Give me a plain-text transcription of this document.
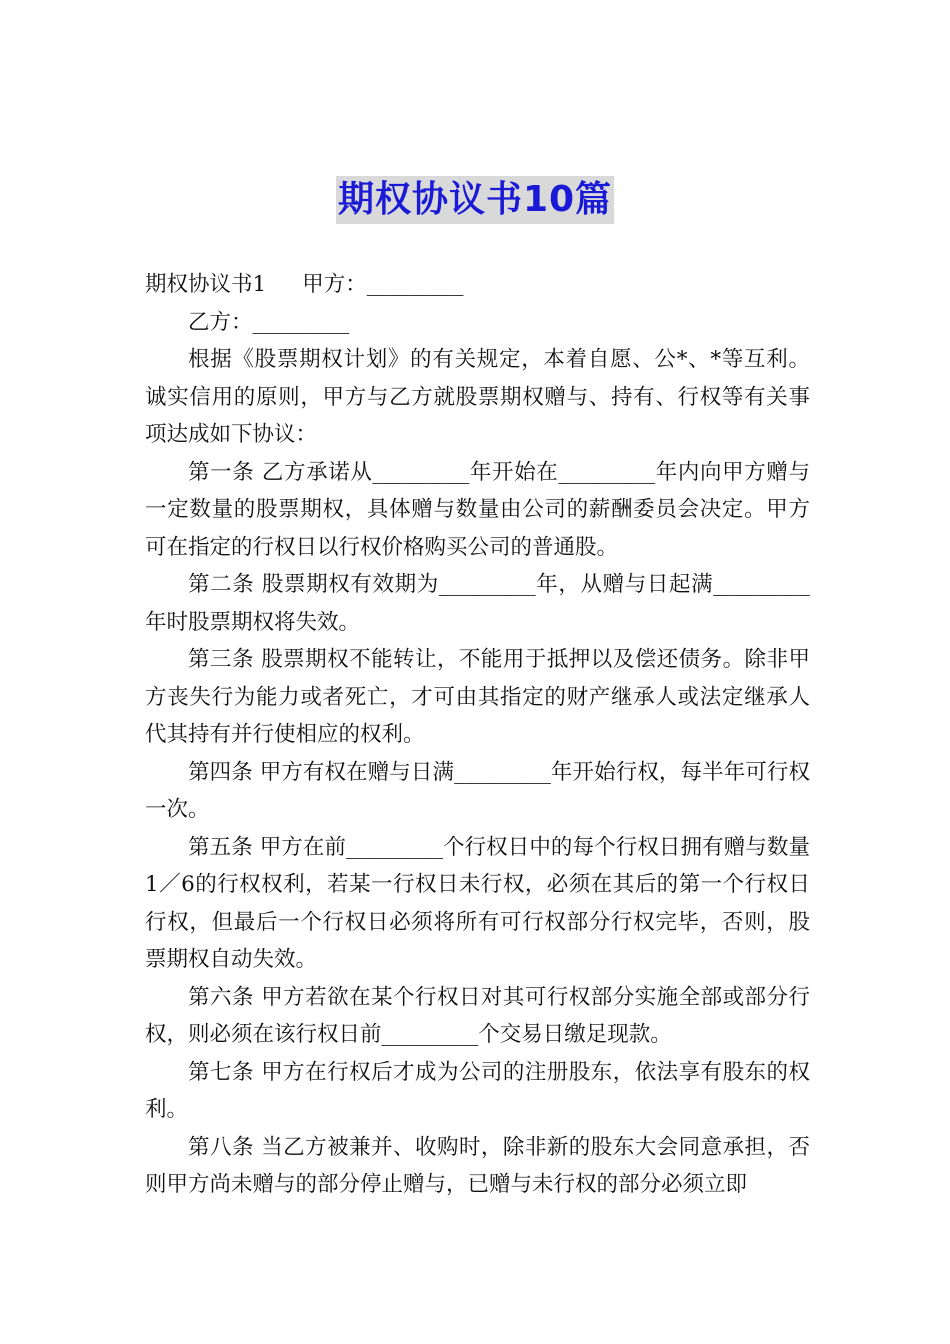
期权协议书10篇

期权协议书1 甲方：_________

乙方：_________

根据《股票期权计划》的有关规定，本着自愿、公*、*等互利。诚实信用的原则，甲方与乙方就股票期权赠与、持有、行权等有关事项达成如下协议：

第一条 乙方承诺从_________年开始在_________年内向甲方赠与一定数量的股票期权，具体赠与数量由公司的薪酬委员会决定。甲方可在指定的行权日以行权价格购买公司的普通股。

第二条 股票期权有效期为_________年，从赠与日起满_________年时股票期权将失效。

第三条 股票期权不能转让，不能用于抵押以及偿还债务。除非甲方丧失行为能力或者死亡，才可由其指定的财产继承人或法定继承人代其持有并行使相应的权利。

第四条 甲方有权在赠与日满_________年开始行权，每半年可行权一次。

第五条 甲方在前_________个行权日中的每个行权日拥有赠与数量1／6的行权权利，若某一行权日未行权，必须在其后的第一个行权日行权，但最后一个行权日必须将所有可行权部分行权完毕，否则，股票期权自动失效。

第六条 甲方若欲在某个行权日对其可行权部分实施全部或部分行权，则必须在该行权日前_________个交易日缴足现款。

第七条 甲方在行权后才成为公司的注册股东，依法享有股东的权利。

第八条 当乙方被兼并、收购时，除非新的股东大会同意承担，否则甲方尚未赠与的部分停止赠与，已赠与未行权的部分必须立即
